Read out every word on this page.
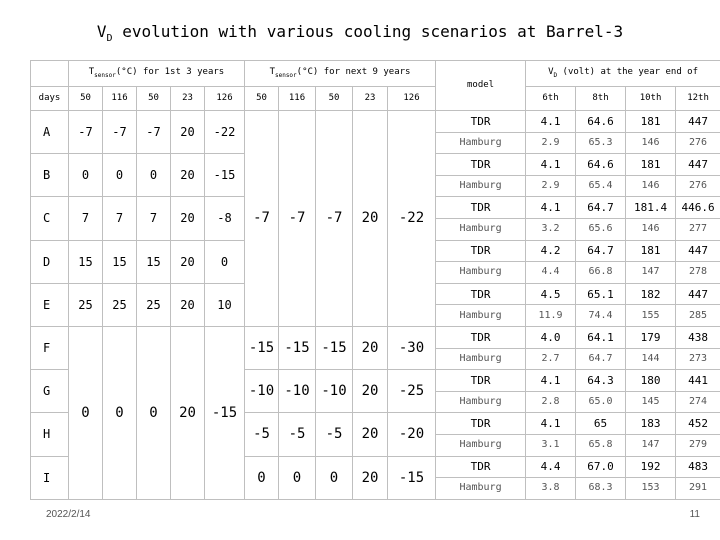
$V_D$ evolution with various cooling scenarios at Barrel-3
	$T_{sensor}(^\circ C)$ for 1st 3 years					$T_{sensor}(^\circ C)$ for next 9 years					model	$V_D$ (volt) at the year end of			
days	50	116	50	23	126	50	116	50	23	126		6th	8th	10th	12th
A	-7	-7	-7	20	-22	-7	-7	-7	20	-22	TDR	4.1	64.6	181	447
											Hamburg	2.9	65.3	146	276
B	0	0	0	20	-15						TDR	4.1	64.6	181	447
											Hamburg	2.9	65.4	146	276
C	7	7	7	20	-8						TDR	4.1	64.7	181.4	446.6
											Hamburg	3.2	65.6	146	277
D	15	15	15	20	0						TDR	4.2	64.7	181	447
											Hamburg	4.4	66.8	147	278
E	25	25	25	20	10						TDR	4.5	65.1	182	447
											Hamburg	11.9	74.4	155	285
F	0	0	0	20	-15	-15	-15	-15	20	-30	TDR	4.0	64.1	179	438
											Hamburg	2.7	64.7	144	273
G						-10	-10	-10	20	-25	TDR	4.1	64.3	180	441
											Hamburg	2.8	65.0	145	274
H						-5	-5	-5	20	-20	TDR	4.1	65	183	452
											Hamburg	3.1	65.8	147	279
I						0	0	0	20	-15	TDR	4.4	67.0	192	483
											Hamburg	3.8	68.3	153	291
2022/2/14	11
